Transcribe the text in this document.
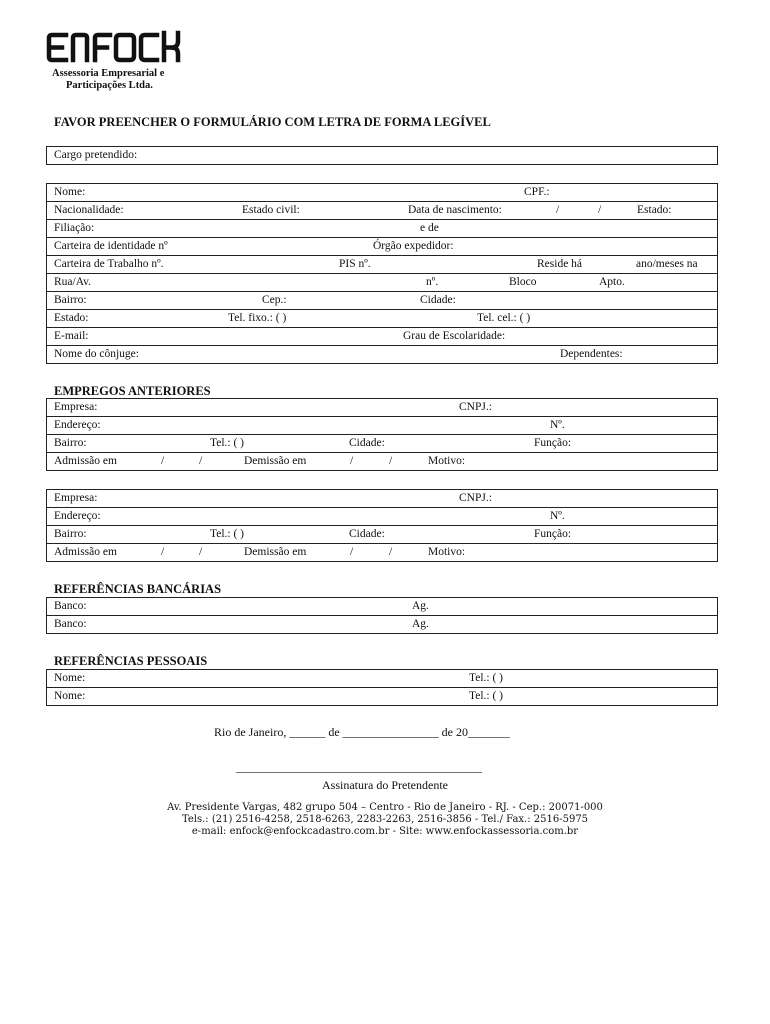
Assessoria Empresarial e
Participações Ltda.
FAVOR PREENCHER O FORMULÁRIO COM LETRA DE FORMA LEGÍVEL
Cargo pretendido:
Nome:	CPF.:
Nacionalidade:	Estado civil:	Data de nascimento:	/	/	Estado:
Filiação:	e de
Carteira de identidade nº	Órgão expedidor:
Carteira de Trabalho nº.	PIS nº.	Reside há	ano/meses na
Rua/Av.	nº.	Bloco	Apto.
Bairro:	Cep.:	Cidade:
Estado:	Tel. fixo.: ( )	Tel. cel.: ( )
E-mail:	Grau de Escolaridade:
Nome do cônjuge:	Dependentes:
EMPREGOS ANTERIORES
Empresa:	CNPJ.:
Endereço:	Nº.
Bairro:	Tel.: ( )	Cidade:	Função:
Admissão em	/	/	Demissão em	/	/	Motivo:
Empresa:	CNPJ.:
Endereço:	Nº.
Bairro:	Tel.: ( )	Cidade:	Função:
Admissão em	/	/	Demissão em	/	/	Motivo:
REFERÊNCIAS BANCÁRIAS
Banco:	Ag.
Banco:	Ag.
REFERÊNCIAS PESSOAIS
Nome:	Tel.: ( )
Nome:	Tel.: ( )
Rio de Janeiro, ______ de ________________ de 20_______
_________________________________________
Assinatura do Pretendente
Av. Presidente Vargas, 482 grupo 504 – Centro - Rio de Janeiro - RJ. - Cep.: 20071-000
Tels.: (21) 2516-4258, 2518-6263, 2283-2263, 2516-3856 - Tel./ Fax.: 2516-5975
e-mail: enfock@enfockcadastro.com.br - Site: www.enfockassessoria.com.br
